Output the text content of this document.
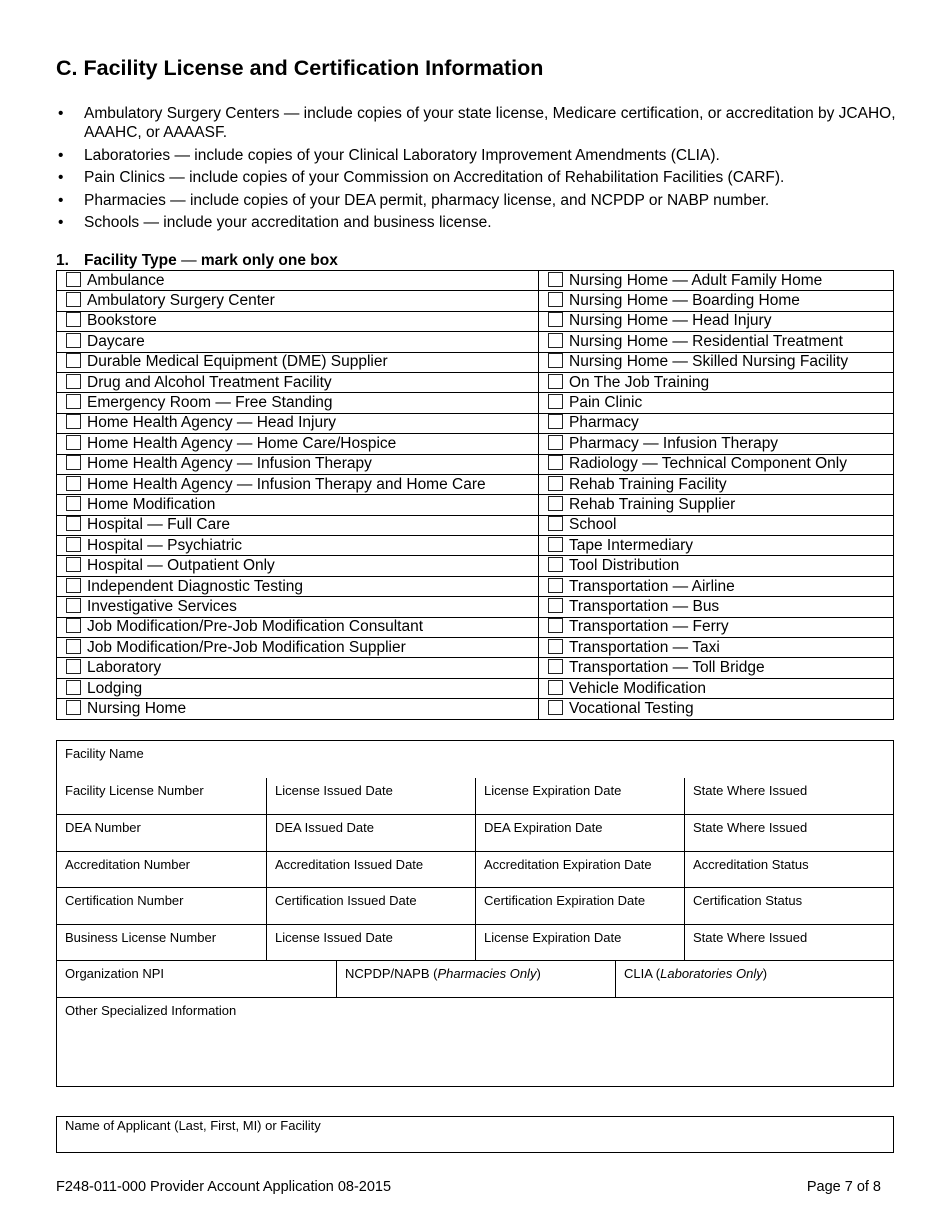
C. Facility License and Certification Information
• Ambulatory Surgery Centers — include copies of your state license, Medicare certification, or accreditation by JCAHO, AAAHC, or AAAASF.
• Laboratories — include copies of your Clinical Laboratory Improvement Amendments (CLIA).
• Pain Clinics — include copies of your Commission on Accreditation of Rehabilitation Facilities (CARF).
• Pharmacies — include copies of your DEA permit, pharmacy license, and NCPDP or NABP number.
• Schools — include your accreditation and business license.
1. Facility Type — mark only one box
Ambulance	Nursing Home — Adult Family Home
Ambulatory Surgery Center	Nursing Home — Boarding Home
Bookstore	Nursing Home — Head Injury
Daycare	Nursing Home — Residential Treatment
Durable Medical Equipment (DME) Supplier	Nursing Home — Skilled Nursing Facility
Drug and Alcohol Treatment Facility	On The Job Training
Emergency Room — Free Standing	Pain Clinic
Home Health Agency — Head Injury	Pharmacy
Home Health Agency — Home Care/Hospice	Pharmacy — Infusion Therapy
Home Health Agency — Infusion Therapy	Radiology — Technical Component Only
Home Health Agency — Infusion Therapy and Home Care	Rehab Training Facility
Home Modification	Rehab Training Supplier
Hospital — Full Care	School
Hospital — Psychiatric	Tape Intermediary
Hospital — Outpatient Only	Tool Distribution
Independent Diagnostic Testing	Transportation — Airline
Investigative Services	Transportation — Bus
Job Modification/Pre-Job Modification Consultant	Transportation — Ferry
Job Modification/Pre-Job Modification Supplier	Transportation — Taxi
Laboratory	Transportation — Toll Bridge
Lodging	Vehicle Modification
Nursing Home	Vocational Testing
Facility Name
Facility License Number	License Issued Date	License Expiration Date	State Where Issued
DEA Number	DEA Issued Date	DEA Expiration Date	State Where Issued
Accreditation Number	Accreditation Issued Date	Accreditation Expiration Date	Accreditation Status
Certification Number	Certification Issued Date	Certification Expiration Date	Certification Status
Business License Number	License Issued Date	License Expiration Date	State Where Issued
Organization NPI	NCPDP/NAPB (Pharmacies Only)	CLIA (Laboratories Only)
Other Specialized Information
Name of Applicant (Last, First, MI) or Facility
F248-011-000 Provider Account Application 08-2015	Page 7 of 8
